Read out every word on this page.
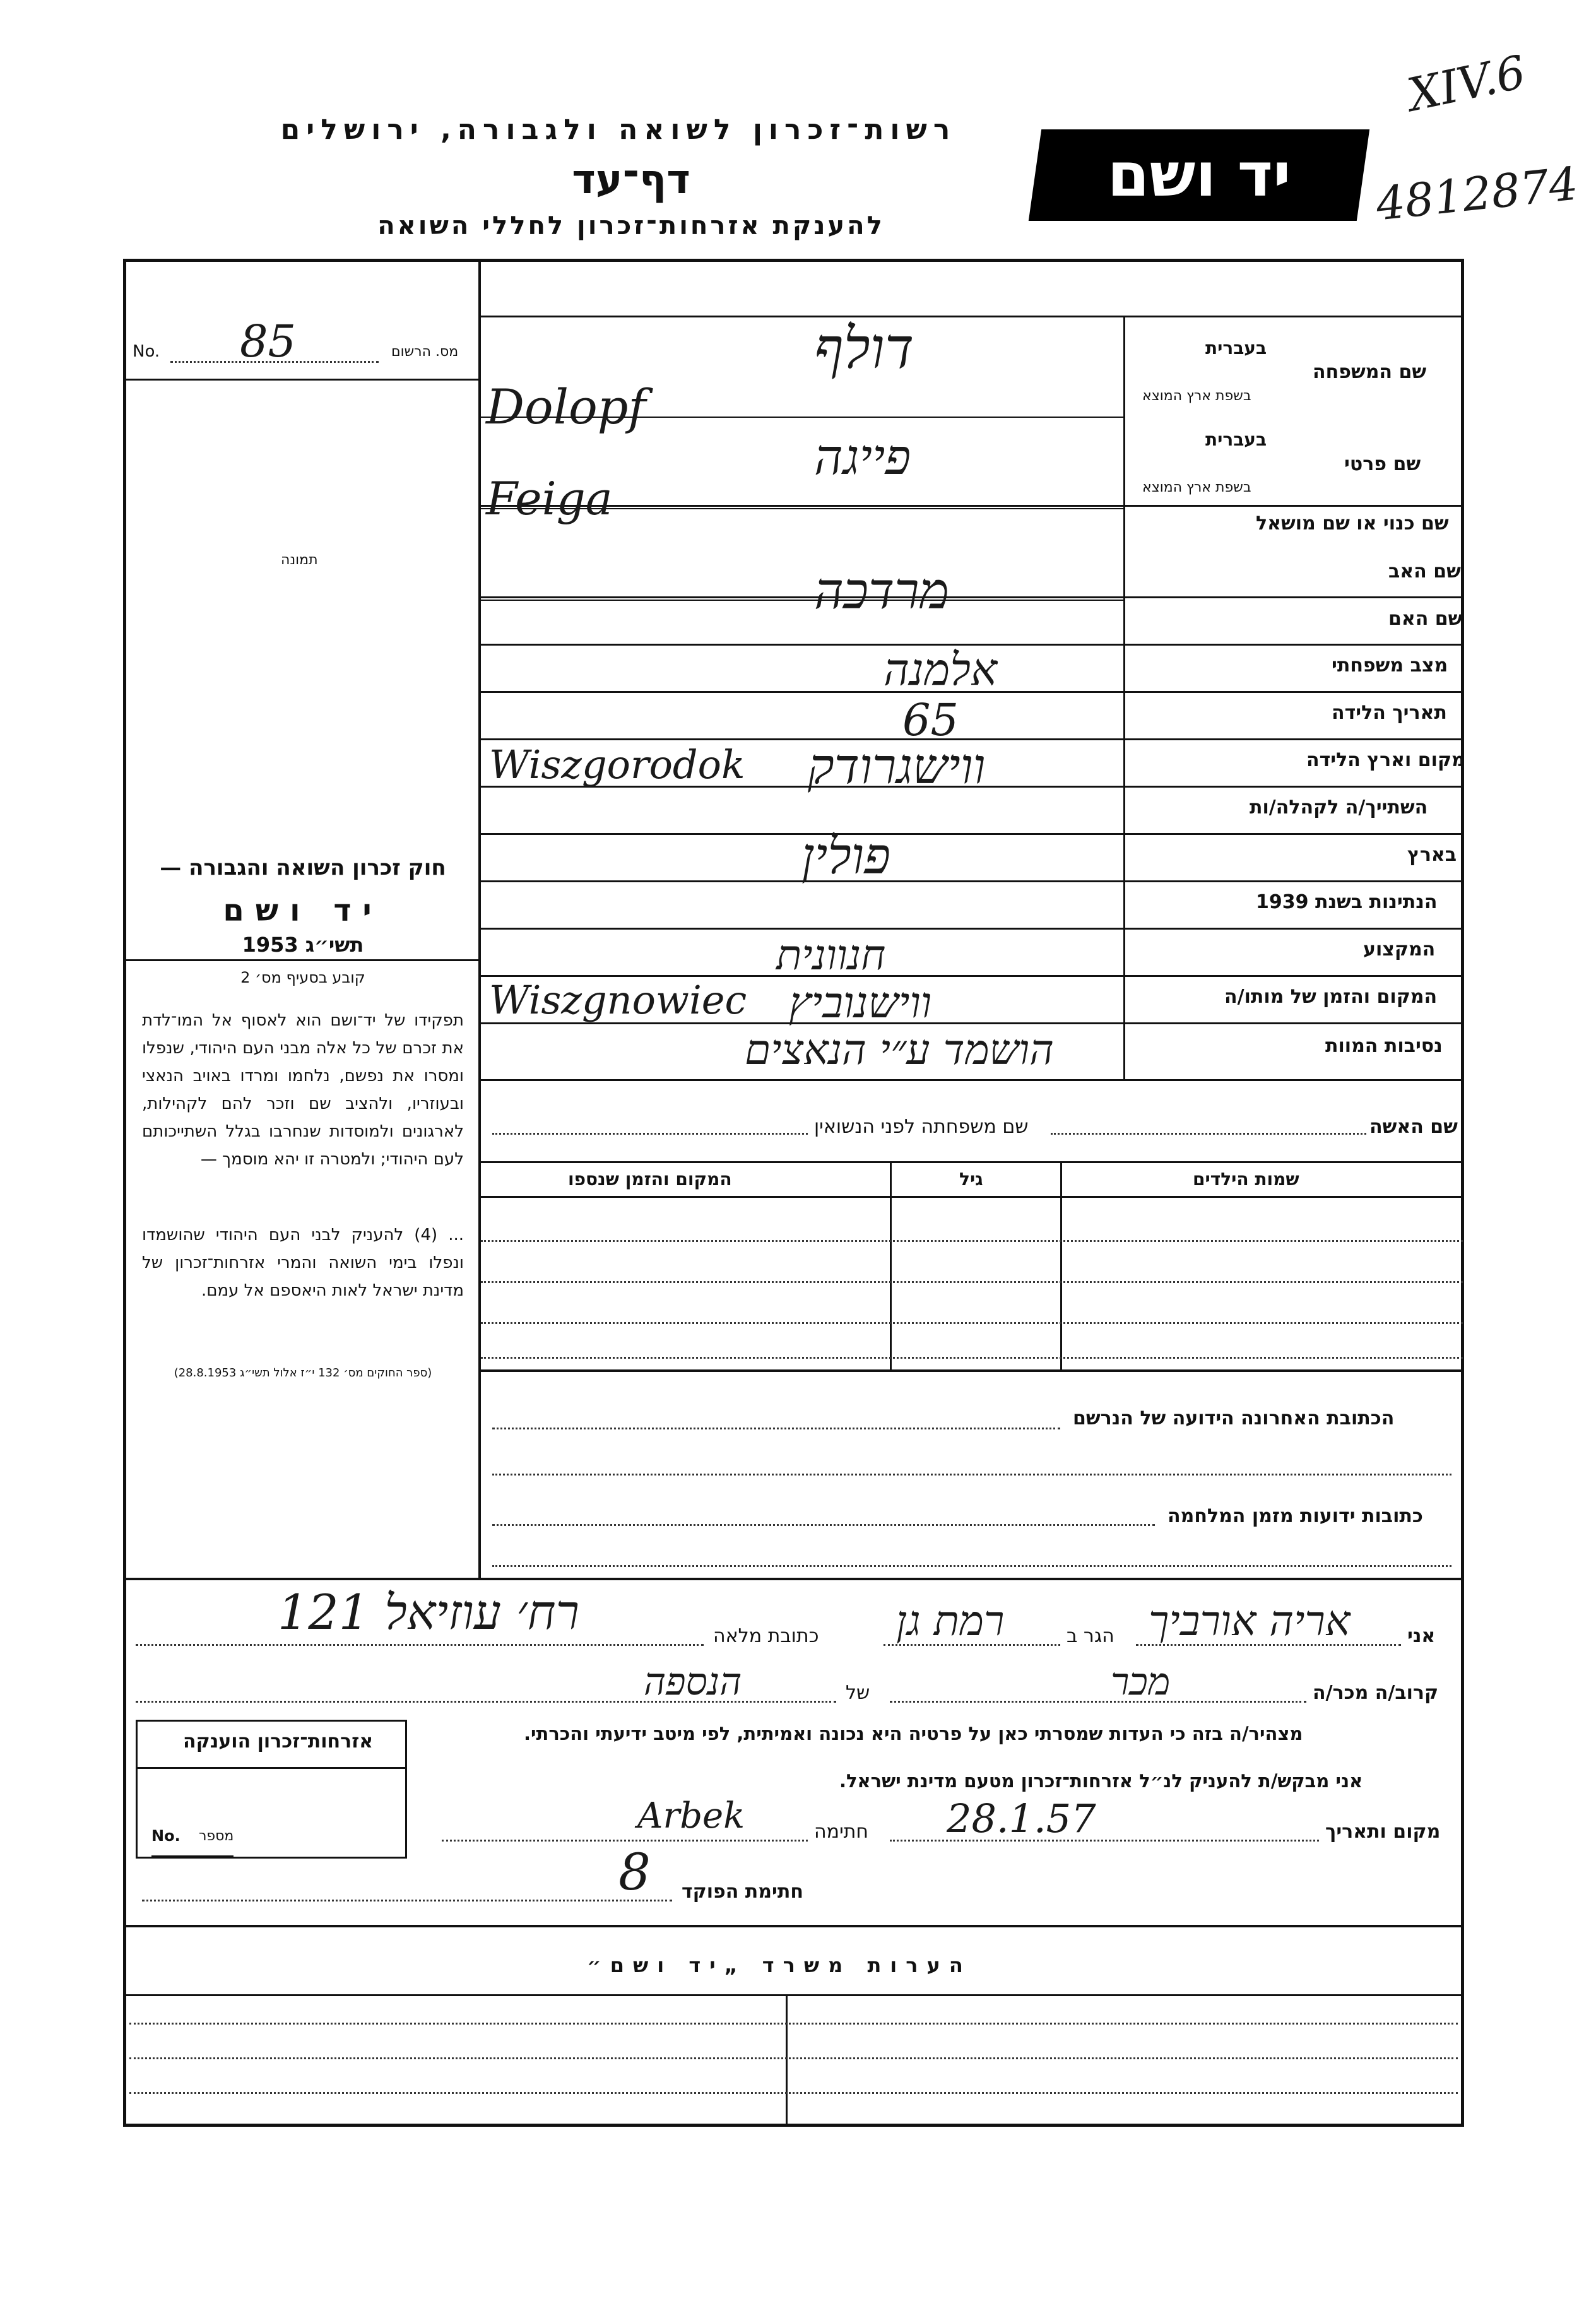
רשות־זכרון לשואה ולגבורה, ירושלים
דף־עד
להענקת אזרחות־זכרון לחללי השואה
יד ושם
XIV.6
4812874
מס. הרשום
No. 85
תמונה
שם המשפחה
בעברית
בשפת ארץ המוצא
דולף
Dolopf
שם פרטי
בעברית
בשפת ארץ המוצא
פייגה
Feiga	שם כנוי או שם מושאל
שם האב
שם האם
מרדכה
מצב משפחתי
אלמנה
תאריך הלידה
65
מקום וארץ הלידה
Wiszgorodok ווישגרודק
השתייך/ה לקהלה/ות
בארץ
פולין
הנתינות בשנת 1939
המקצוע
חנוונית
המקום והזמן של מותו/ה
Wiszgnowiec ווישנוביץ
נסיבות המוות
הושמד ע״י הנאצים
שם האשה
שם משפחתה לפני הנשואין
שמות הילדים
גיל
המקום והזמן שנספו
הכתובת האחרונה הידועה של הנרשם
כתובות ידועות מזמן המלחמה
חוק זכרון השואה והגבורה —
יד ושם
תשי״ג 1953
קובע בסעיף מס׳ 2
תפקידו של יד־ושם הוא לאסוף אל המו־לדת את זכרם של כל אלה מבני העם היהודי, שנפלו ומסרו את נפשם, נלחמו ומרדו באויב הנאצי ובעוזריו, ולהציב שם וזכר להם לקהילות, לארגונים ולמוסדות שנחרבו בגלל השתייכותם לעם היהודי; ולמטרה זו יהא מוסמך —
... (4) להעניק לבני העם היהודי שהושמדו ונפלו בימי השואה והמרי אזרחות־זכרון של מדינת ישראל לאות היאספם אל עמם.
(ספר החוקים מס׳ 132 י״ז אלול תשי״ג 28.8.1953)
אני
אריה אורביך
הגר ב
רמת גן
כתובת מלאה
רח׳ עוזיאל 121
קרוב/ה מכר/ה
מכר
של
הנספה
מצהיר/ה בזה כי העדות שמסרתי כאן על פרטיה היא נכונה ואמיתית, לפי מיטב ידיעתי והכרתי.
אני מבקש/ת להעניק לנ״ל אזרחות־זכרון מטעם מדינת ישראל.
מקום ותאריך
28.1.57
חתימה
Arbek
חתימת הפוקד
8
אזרחות־זכרון הוענקה
No. מספר
הערות משרד „יד ושם״
